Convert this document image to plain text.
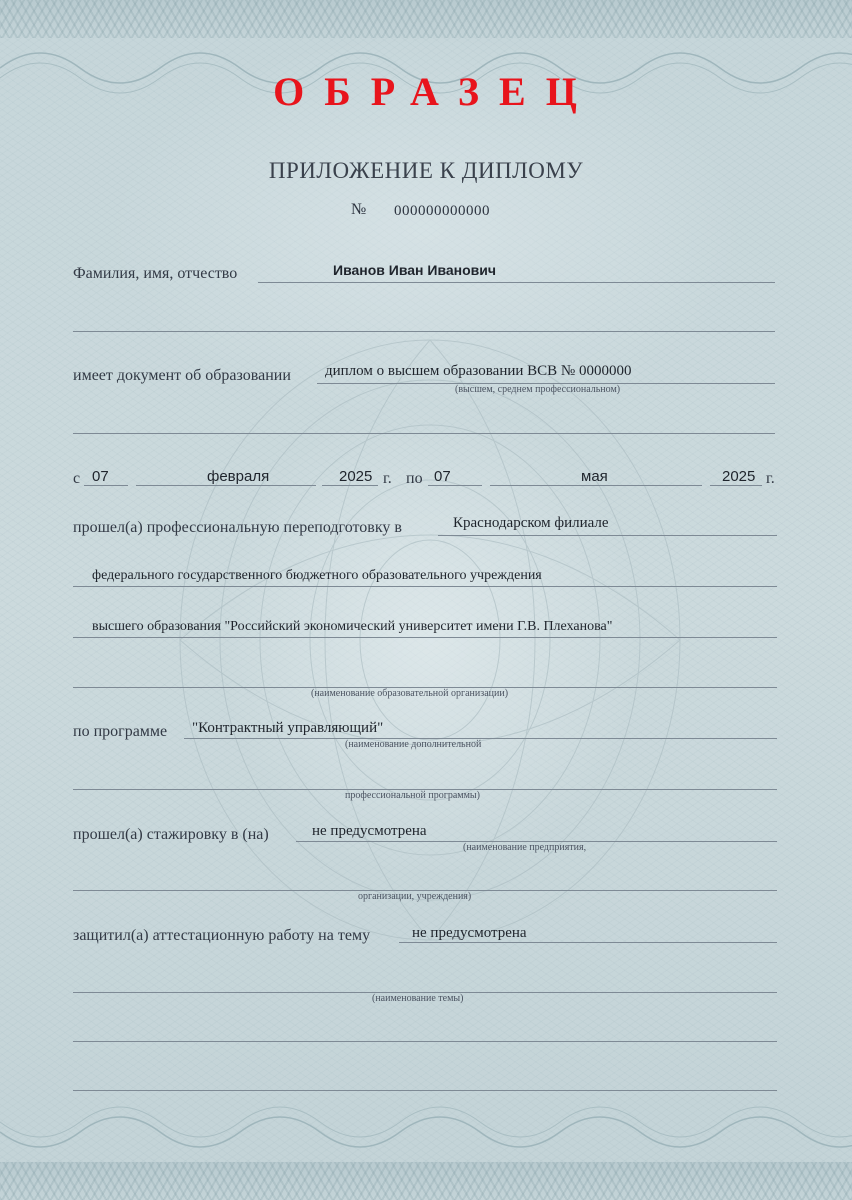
ОБРАЗЕЦ
ПРИЛОЖЕНИЕ К ДИПЛОМУ
№ 000000000000
Фамилия, имя, отчество	Иванов Иван Иванович
имеет документ об образовании диплом о высшем образовании ВСВ № 0000000
(высшем, среднем профессиональном)
с 07	февраля	2025 г. по 07	мая	2025 г.
прошел(а) профессиональную переподготовку в	Краснодарском филиале
федерального государственного бюджетного образовательного учреждения
высшего образования "Российский экономический университет имени Г.В. Плеханова"
(наименование образовательной организации)
по программе "Контрактный управляющий"
(наименование дополнительной
профессиональной программы)
прошел(а) стажировку в (на)	не предусмотрена
(наименование предприятия,
организации, учреждения)
защитил(а) аттестационную работу на тему	не предусмотрена
(наименование темы)
